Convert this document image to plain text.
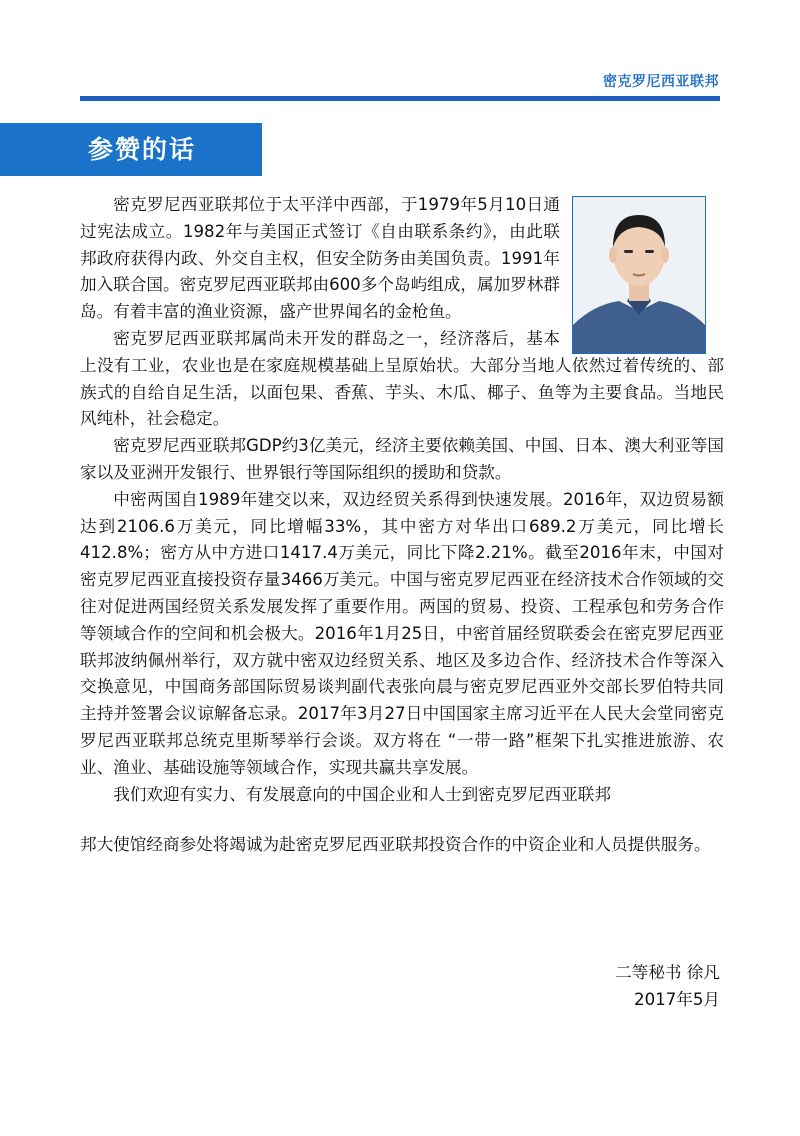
密克罗尼西亚联邦
参赞的话

密克罗尼西亚联邦位于太平洋中西部，于1979年5月10日通过宪法成立。1982年与美国正式签订《自由联系条约》，由此联邦政府获得内政、外交自主权，但安全防务由美国负责。1991年加入联合国。密克罗尼西亚联邦由600多个岛屿组成，属加罗林群岛。有着丰富的渔业资源，盛产世界闻名的金枪鱼。

密克罗尼西亚联邦属尚未开发的群岛之一，经济落后，基本上没有工业，农业也是在家庭规模基础上呈原始状。大部分当地人依然过着传统的、部族式的自给自足生活，以面包果、香蕉、芋头、木瓜、椰子、鱼等为主要食品。当地民风纯朴，社会稳定。

密克罗尼西亚联邦GDP约3亿美元，经济主要依赖美国、中国、日本、澳大利亚等国家以及亚洲开发银行、世界银行等国际组织的援助和贷款。

中密两国自1989年建交以来，双边经贸关系得到快速发展。2016年，双边贸易额达到2106.6万美元，同比增幅33%，其中密方对华出口689.2万美元，同比增长412.8%；密方从中方进口1417.4万美元，同比下降2.21%。截至2016年末，中国对密克罗尼西亚直接投资存量3466万美元。中国与密克罗尼西亚在经济技术合作领域的交往对促进两国经贸关系发展发挥了重要作用。两国的贸易、投资、工程承包和劳务合作等领域合作的空间和机会极大。2016年1月25日，中密首届经贸联委会在密克罗尼西亚联邦波纳佩州举行，双方就中密双边经贸关系、地区及多边合作、经济技术合作等深入交换意见，中国商务部国际贸易谈判副代表张向晨与密克罗尼西亚外交部长罗伯特共同主持并签署会议谅解备忘录。2017年3月27日中国国家主席习近平在人民大会堂同密克罗尼西亚联邦总统克里斯琴举行会谈。双方将在 “一带一路”框架下扎实推进旅游、农业、渔业、基础设施等领域合作，实现共赢共享发展。

我们欢迎有实力、有发展意向的中国企业和人士到密克罗尼西亚联邦

邦大使馆经商参处将竭诚为赴密克罗尼西亚联邦投资合作的中资企业和人员提供服务。

二等秘书 徐凡
2017年5月
